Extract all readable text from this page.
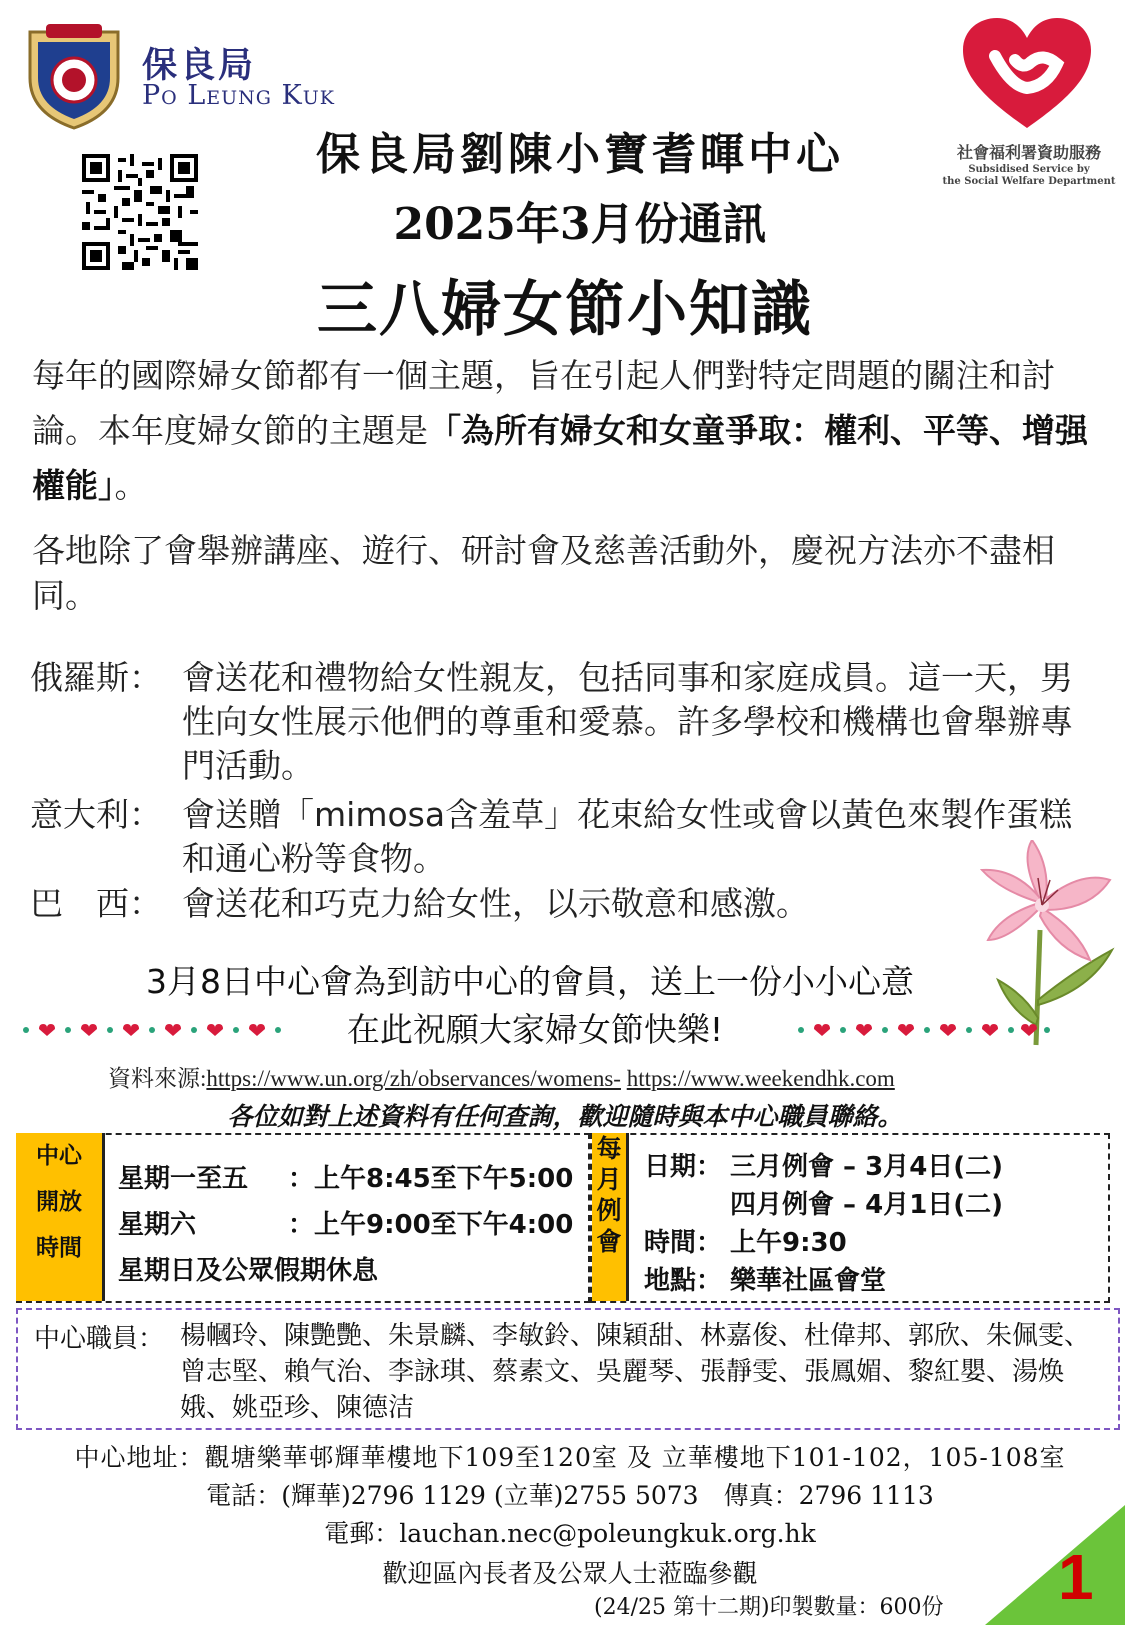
保良局
Po Leung Kuk
社會福利署資助服務
Subsidised Service by
the Social Welfare Department
保良局劉陳小寶耆暉中心
2025年3月份通訊
三八婦女節小知識
每年的國際婦女節都有一個主題，旨在引起人們對特定問題的關注和討論。本年度婦女節的主題是「為所有婦女和女童爭取：權利、平等、增强權能」。
各地除了會舉辦講座、遊行、研討會及慈善活動外，慶祝方法亦不盡相同。
俄羅斯： 會送花和禮物給女性親友，包括同事和家庭成員。這一天，男性向女性展示他們的尊重和愛慕。許多學校和機構也會舉辦專門活動。
意大利： 會送贈「mimosa含羞草」花束給女性或會以黃色來製作蛋糕和通心粉等食物。
巴　西： 會送花和巧克力給女性，以示敬意和感激。
3月8日中心會為到訪中心的會員，送上一份小小心意
在此祝願大家婦女節快樂!
資料來源:https://www.un.org/zh/observances/womens- https://www.weekendhk.com
各位如對上述資料有任何查詢，歡迎隨時與本中心職員聯絡。
中心
開放
時間
星期一至五 ：上午8:45至下午5:00
星期六	：上午9:00至下午4:00
星期日及公眾假期休息
每
月
例
會
日期： 三月例會 – 3月4日(二)
四月例會 – 4月1日(二)
時間： 上午9:30
地點： 樂華社區會堂
中心職員： 楊幗玲、陳艷艷、朱景麟、李敏鈴、陳穎甜、林嘉俊、杜偉邦、郭欣、朱佩雯、曾志堅、賴气治、李詠琪、蔡素文、吳麗琴、張靜雯、張鳳媚、黎紅嬰、湯焕娥、姚亞珍、陳德洁
中心地址：觀塘樂華邨輝華樓地下109至120室 及 立華樓地下101-102，105-108室
電話：(輝華)2796 1129 (立華)2755 5073　傳真：2796 1113
電郵：lauchan.nec@poleungkuk.org.hk
歡迎區內長者及公眾人士蒞臨參觀
(24/25 第十二期)印製數量：600份 1
